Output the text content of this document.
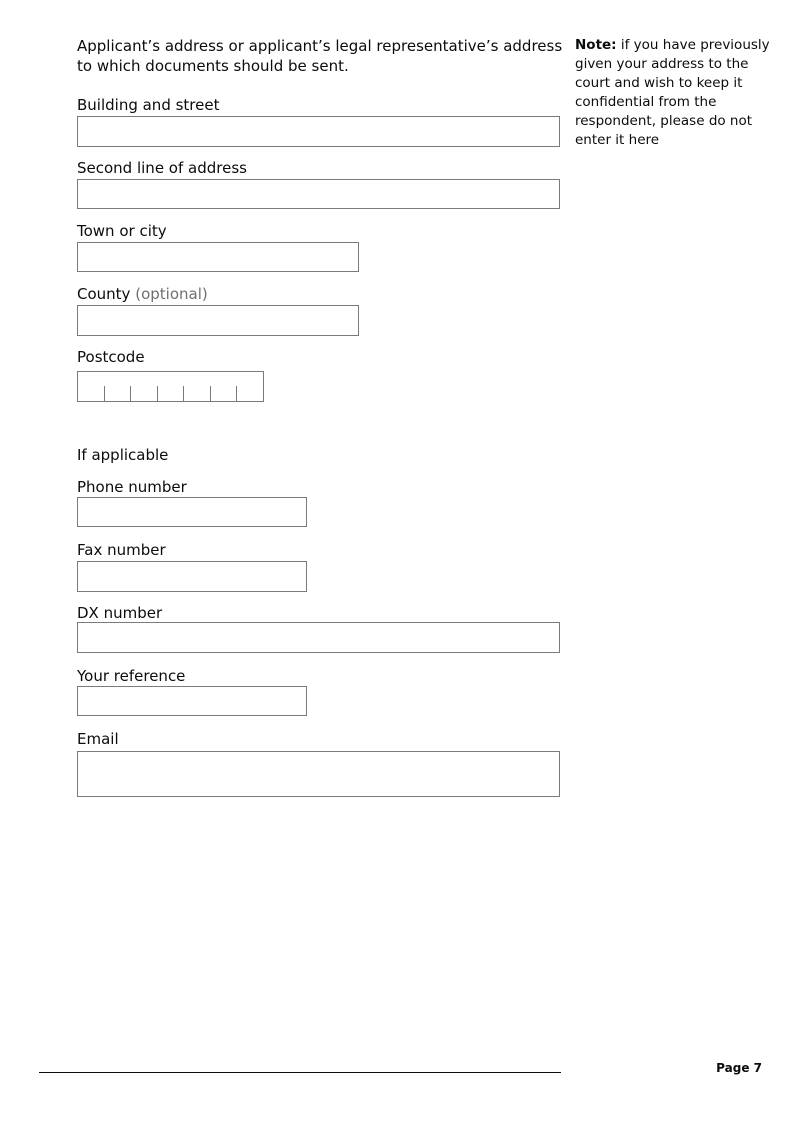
Applicant’s address or applicant’s legal representative’s address to which documents should be sent.

Note: if you have previously given your address to the court and wish to keep it confidential from the respondent, please do not enter it here
Building and street
Second line of address
Town or city
County (optional)
Postcode
If applicable
Phone number
Fax number
DX number
Your reference
Email
Page 7
